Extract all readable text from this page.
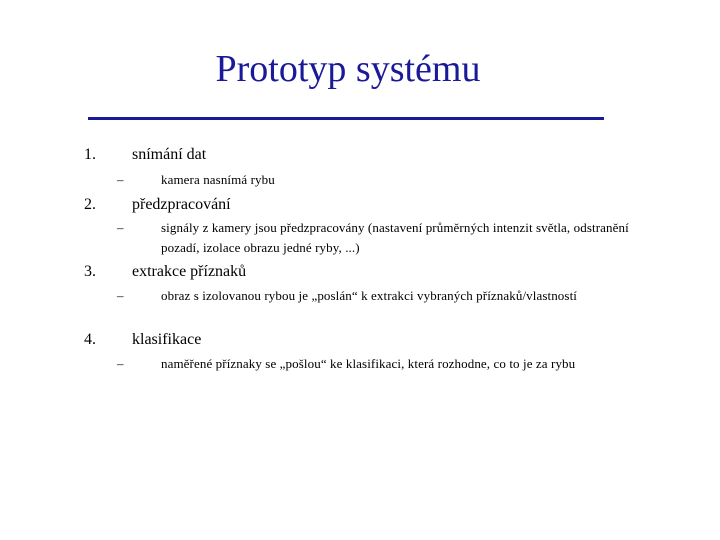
Prototyp systému
1. snímání dat
–	kamera nasnímá rybu
2. předzpracování
–	signály z kamery jsou předzpracovány (nastavení průměrných intenzit světla, odstranění pozadí, izolace obrazu jedné ryby, ...)
3. extrakce příznaků
–	obraz s izolovanou rybou je „poslán“ k extrakci vybraných příznaků/vlastností
4. klasifikace
–	naměřené příznaky se „pošlou“ ke klasifikaci, která rozhodne, co to je za rybu
